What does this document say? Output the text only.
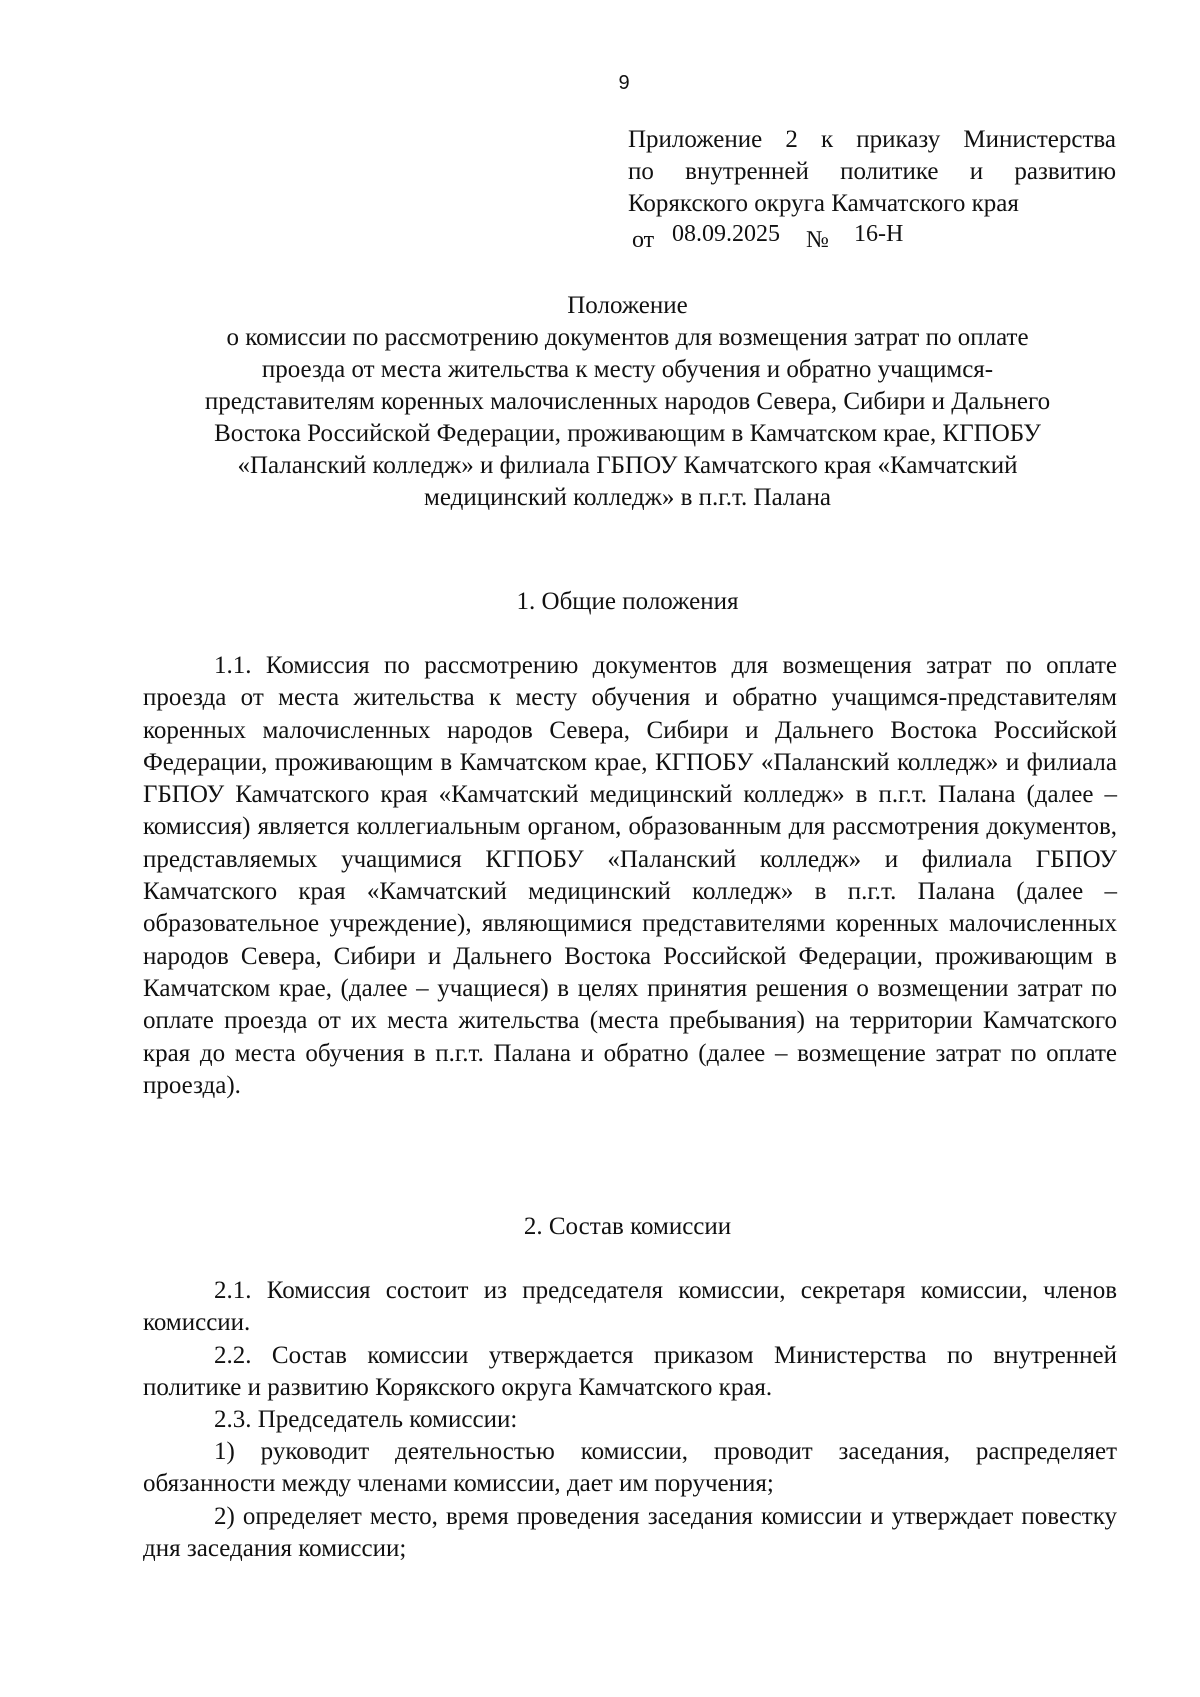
9
Приложение 2 к приказу Министерства
по внутренней политике и развитию
Корякского округа Камчатского края
от 08.09.2025 № 16-Н
Положение
о комиссии по рассмотрению документов для возмещения затрат по оплате
проезда от места жительства к месту обучения и обратно учащимся-
представителям коренных малочисленных народов Севера, Сибири и Дальнего
Востока Российской Федерации, проживающим в Камчатском крае, КГПОБУ
«Паланский колледж» и филиала ГБПОУ Камчатского края «Камчатский
медицинский колледж» в п.г.т. Палана
1. Общие положения

1.1. Комиссия по рассмотрению документов для возмещения затрат по оплате проезда от места жительства к месту обучения и обратно учащимся-представителям коренных малочисленных народов Севера, Сибири и Дальнего Востока Российской Федерации, проживающим в Камчатском крае, КГПОБУ «Паланский колледж» и филиала ГБПОУ Камчатского края «Камчатский медицинский колледж» в п.г.т. Палана (далее – комиссия) является коллегиальным органом, образованным для рассмотрения документов, представляемых учащимися КГПОБУ «Паланский колледж» и филиала ГБПОУ Камчатского края «Камчатский медицинский колледж» в п.г.т. Палана (далее – образовательное учреждение), являющимися представителями коренных малочисленных народов Севера, Сибири и Дальнего Востока Российской Федерации, проживающим в Камчатском крае, (далее – учащиеся) в целях принятия решения о возмещении затрат по оплате проезда от их места жительства (места пребывания) на территории Камчатского края до места обучения в п.г.т. Палана и обратно (далее – возмещение затрат по оплате проезда).

2. Состав комиссии

2.1. Комиссия состоит из председателя комиссии, секретаря комиссии, членов комиссии.

2.2. Состав комиссии утверждается приказом Министерства по внутренней политике и развитию Корякского округа Камчатского края.

2.3. Председатель комиссии:

1) руководит деятельностью комиссии, проводит заседания, распределяет обязанности между членами комиссии, дает им поручения;

2) определяет место, время проведения заседания комиссии и утверждает повестку дня заседания комиссии;
